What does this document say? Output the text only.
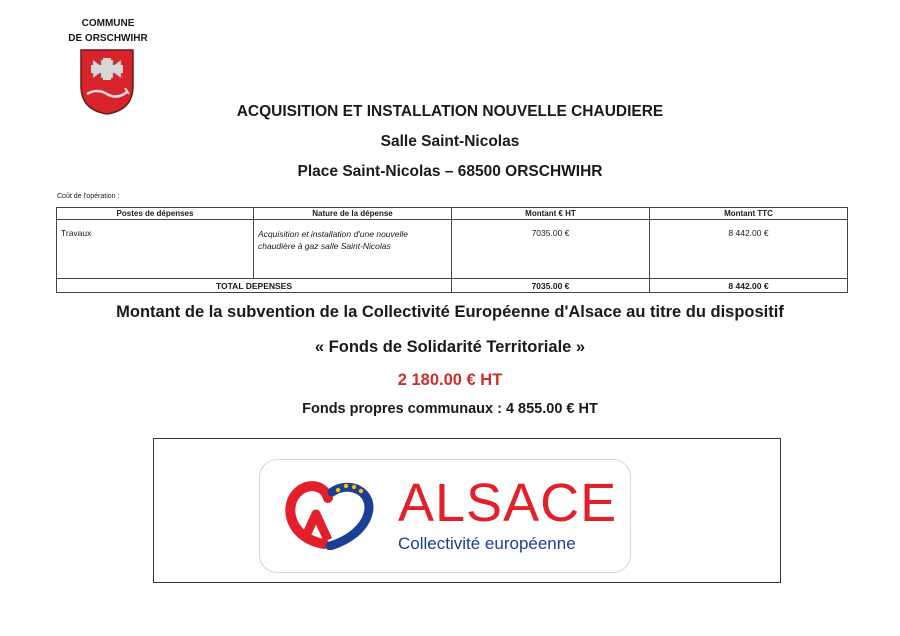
COMMUNE
DE ORSCHWIHR
ACQUISITION ET INSTALLATION NOUVELLE CHAUDIERE
Salle Saint-Nicolas
Place Saint-Nicolas – 68500 ORSCHWIHR
Coût de l'opération :
Postes de dépenses	Nature de la dépense	Montant € HT	Montant TTC
Travaux	Acquisition et installation d'une nouvelle chaudière à gaz salle Saint-Nicolas	7035.00 €	8 442.00 €
TOTAL DEPENSES		7035.00 €	8 442.00 €
Montant de la subvention de la Collectivité Européenne d'Alsace au titre du dispositif
« Fonds de Solidarité Territoriale »
2 180.00 € HT
Fonds propres communaux : 4 855.00 € HT
ALSACE
Collectivité européenne
